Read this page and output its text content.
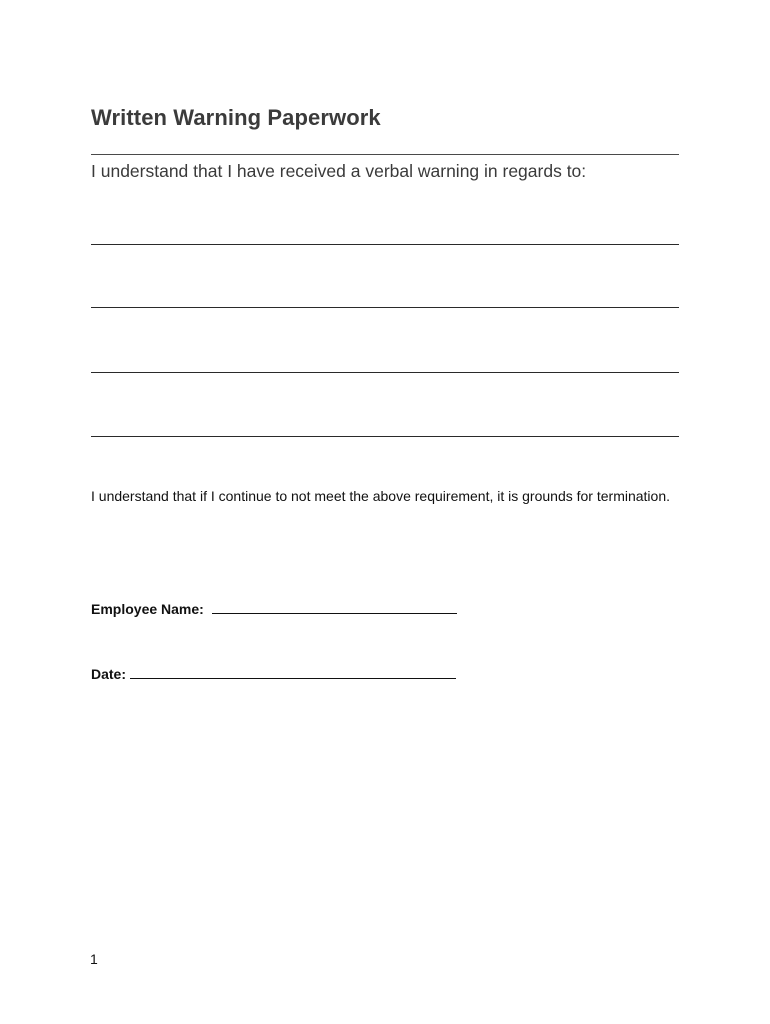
Written Warning Paperwork
I understand that I have received a verbal warning in regards to:
I understand that if I continue to not meet the above requirement, it is grounds for termination.
Employee Name:
Date:
1
